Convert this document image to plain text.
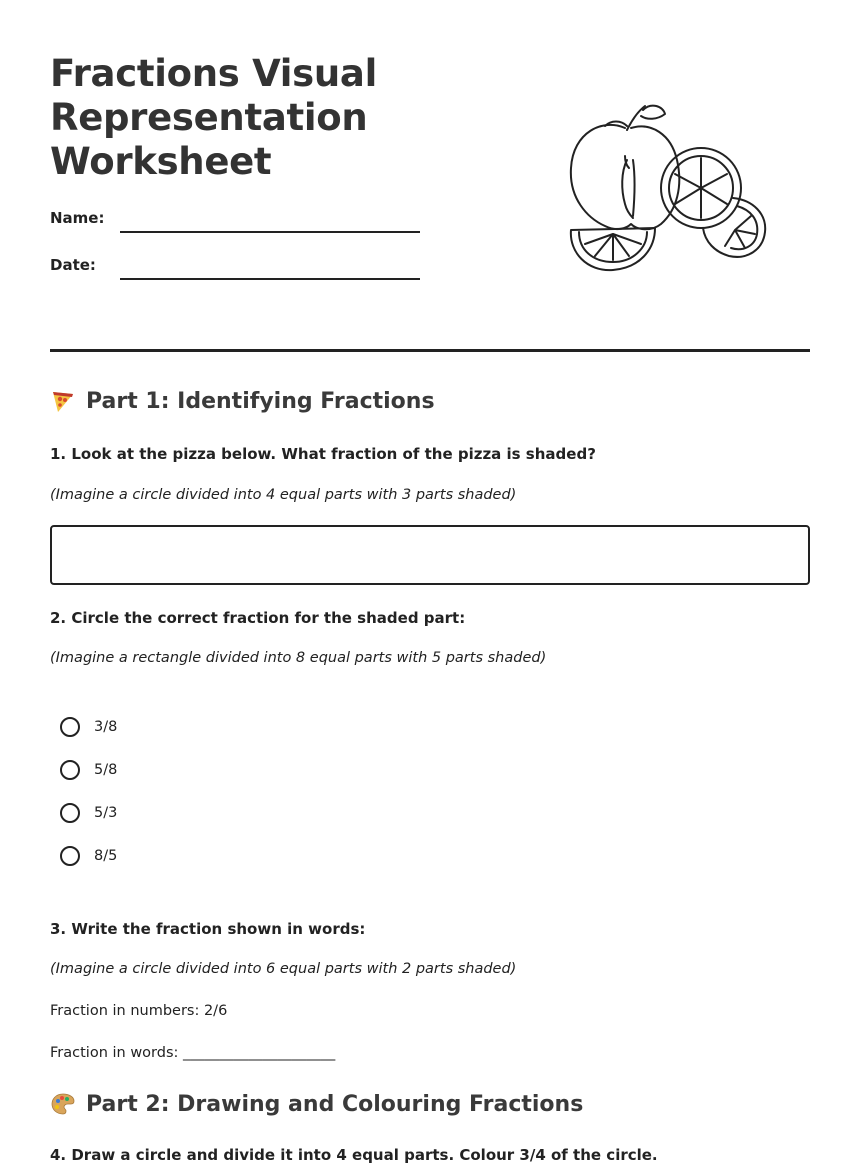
Fractions Visual
Representation
Worksheet
Name:
Date:
Part 1: Identifying Fractions
1. Look at the pizza below. What fraction of the pizza is shaded?
(Imagine a circle divided into 4 equal parts with 3 parts shaded)
2. Circle the correct fraction for the shaded part:
(Imagine a rectangle divided into 8 equal parts with 5 parts shaded)
3/8
5/8
5/3
8/5
3. Write the fraction shown in words:
(Imagine a circle divided into 6 equal parts with 2 parts shaded)
Fraction in numbers: 2/6
Fraction in words: _____________________
Part 2: Drawing and Colouring Fractions
4. Draw a circle and divide it into 4 equal parts. Colour 3/4 of the circle.
